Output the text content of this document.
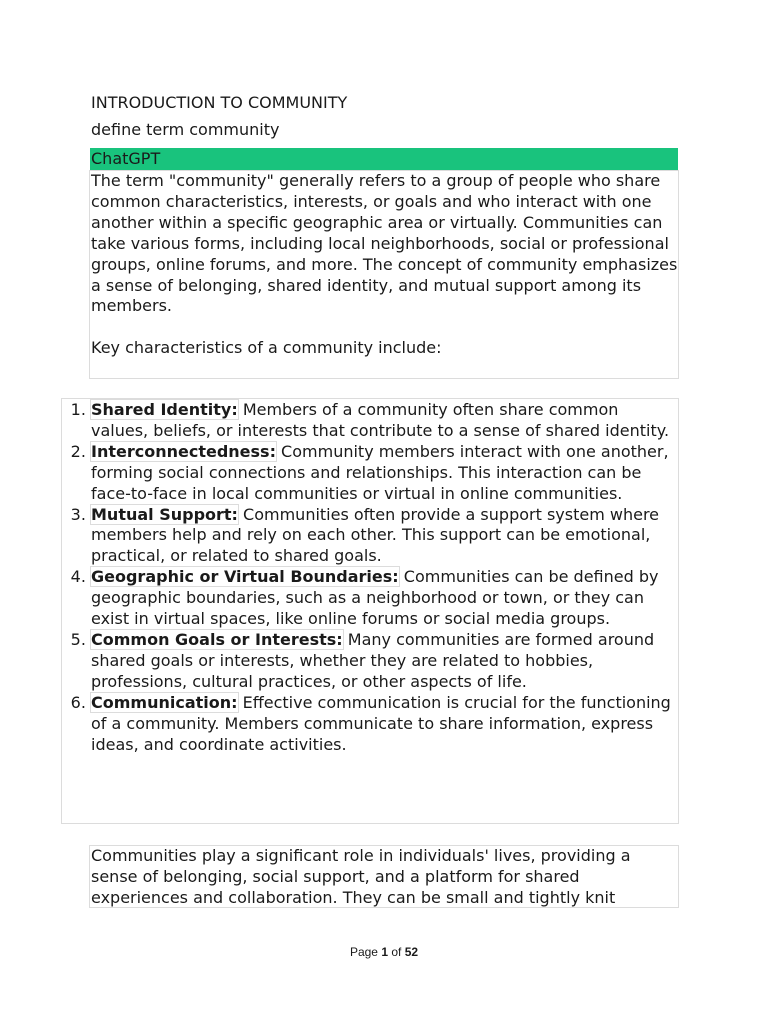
INTRODUCTION TO COMMUNITY
define term community
ChatGPT

The term "community" generally refers to a group of people who share common characteristics, interests, or goals and who interact with one another within a specific geographic area or virtually. Communities can take various forms, including local neighborhoods, social or professional groups, online forums, and more. The concept of community emphasizes a sense of belonging, shared identity, and mutual support among its members.

Key characteristics of a community include:

1. Shared Identity: Members of a community often share common values, beliefs, or interests that contribute to a sense of shared identity.
2. Interconnectedness: Community members interact with one another, forming social connections and relationships. This interaction can be face-to-face in local communities or virtual in online communities.
3. Mutual Support: Communities often provide a support system where members help and rely on each other. This support can be emotional, practical, or related to shared goals.
4. Geographic or Virtual Boundaries: Communities can be defined by geographic boundaries, such as a neighborhood or town, or they can exist in virtual spaces, like online forums or social media groups.
5. Common Goals or Interests: Many communities are formed around shared goals or interests, whether they are related to hobbies, professions, cultural practices, or other aspects of life.
6. Communication: Effective communication is crucial for the functioning of a community. Members communicate to share information, express ideas, and coordinate activities.
Communities play a significant role in individuals' lives, providing a sense of belonging, social support, and a platform for shared experiences and collaboration. They can be small and tightly knit
Page 1 of 52
